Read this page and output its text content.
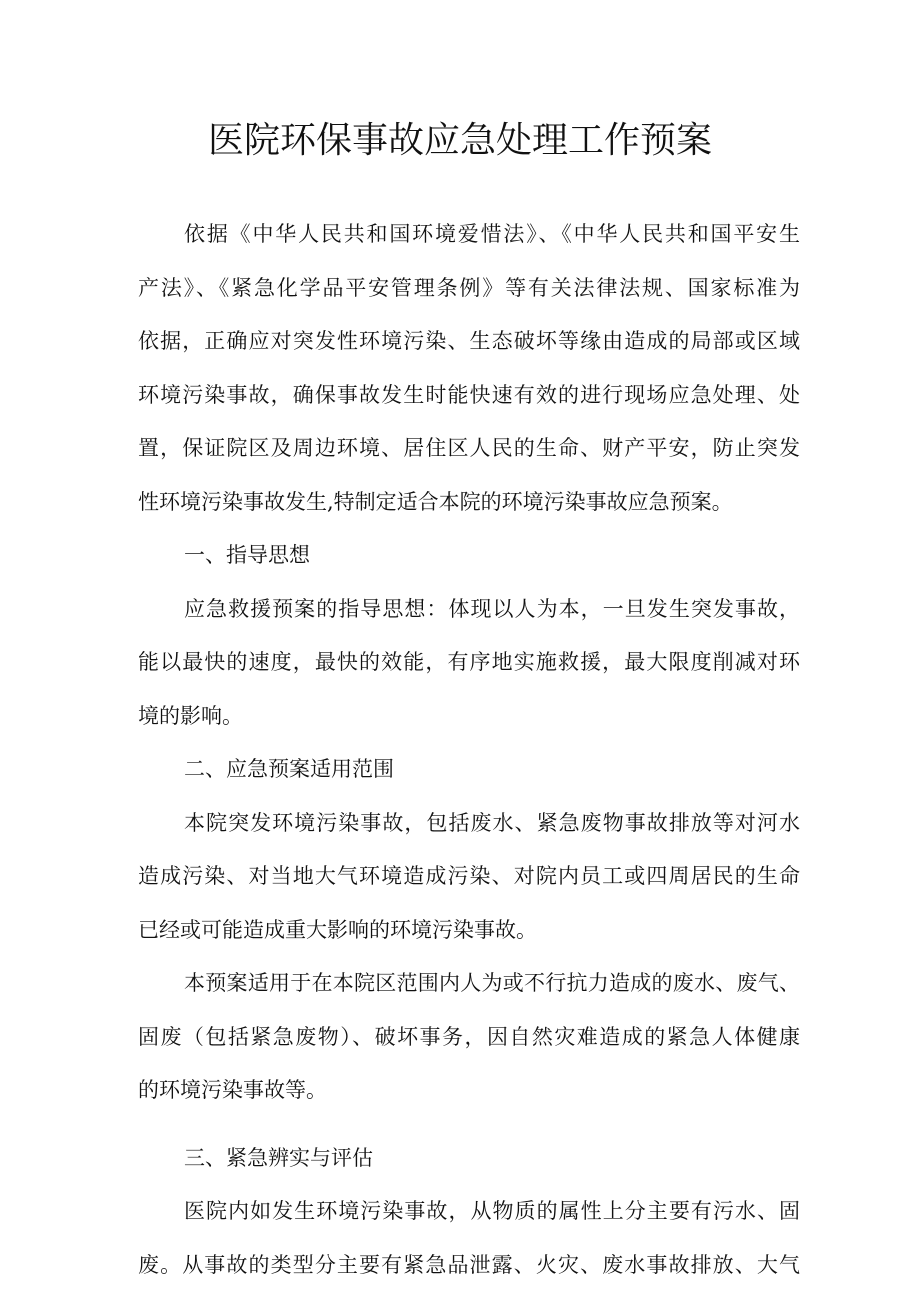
医院环保事故应急处理工作预案
依据《中华人民共和国环境爱惜法》、《中华人民共和国平安生
产法》、《紧急化学品平安管理条例》等有关法律法规、国家标准为
依据，正确应对突发性环境污染、生态破坏等缘由造成的局部或区域
环境污染事故，确保事故发生时能快速有效的进行现场应急处理、处
置，保证院区及周边环境、居住区人民的生命、财产平安，防止突发
性环境污染事故发生,特制定适合本院的环境污染事故应急预案。
一、指导思想
应急救援预案的指导思想：体现以人为本，一旦发生突发事故，
能以最快的速度，最快的效能，有序地实施救援，最大限度削减对环
境的影响。
二、应急预案适用范围
本院突发环境污染事故，包括废水、紧急废物事故排放等对河水
造成污染、对当地大气环境造成污染、对院内员工或四周居民的生命
已经或可能造成重大影响的环境污染事故。
本预案适用于在本院区范围内人为或不行抗力造成的废水、废气、
固废（包括紧急废物）、破坏事务，因自然灾难造成的紧急人体健康
的环境污染事故等。
三、紧急辨实与评估
医院内如发生环境污染事故，从物质的属性上分主要有污水、固
废。从事故的类型分主要有紧急品泄露、火灾、废水事故排放、大气
